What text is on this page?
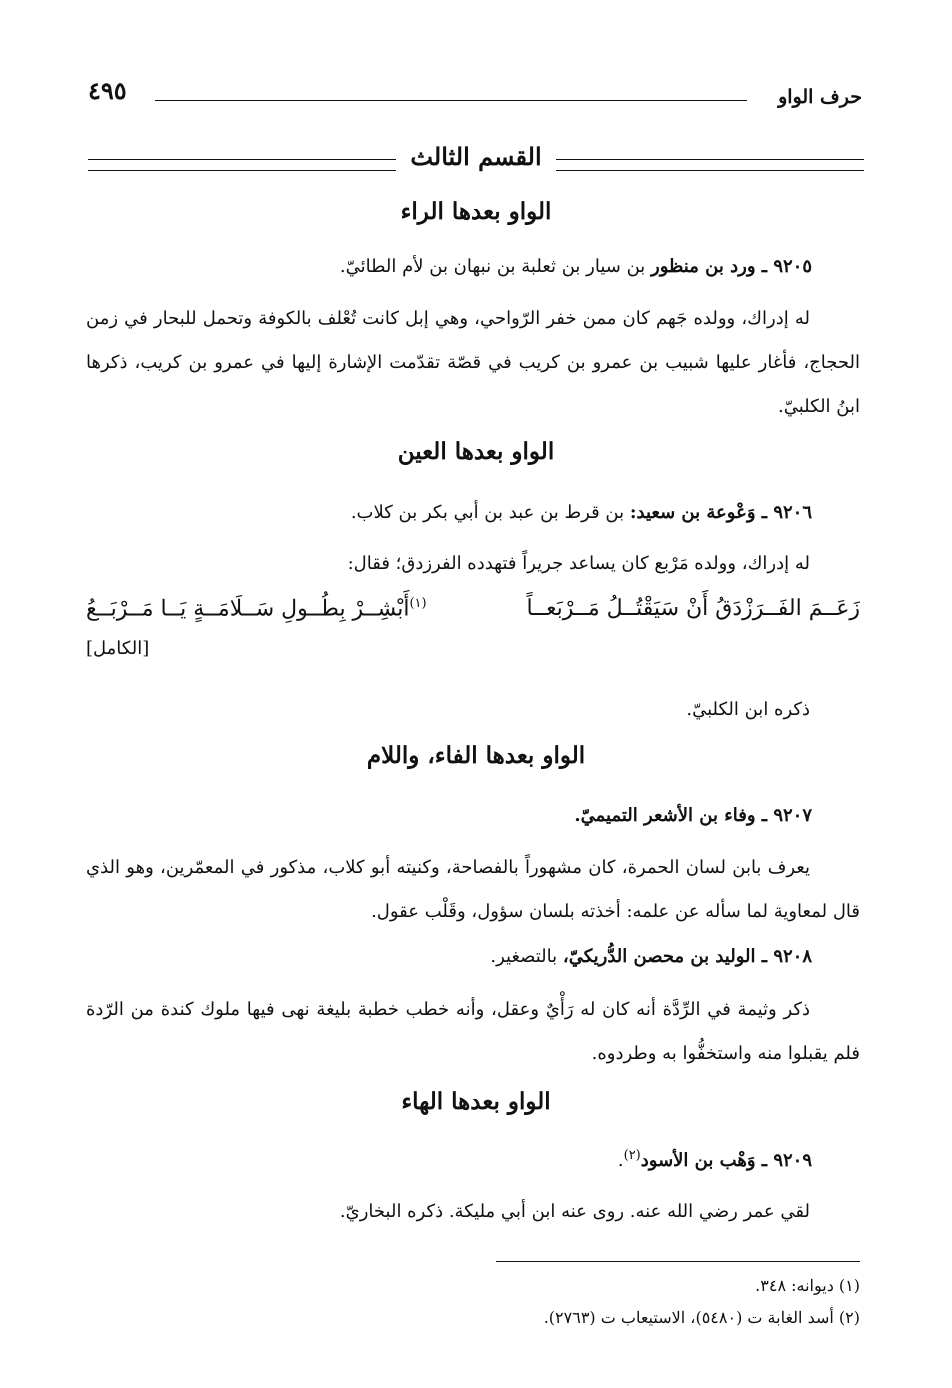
حرف الواو
٤٩٥
القسم الثالث
الواو بعدها الراء
٩٢٠٥ ـ ورد بن منظور بن سيار بن ثعلبة بن نبهان بن لأم الطائيّ.
له إدراك، وولده جَهم كان ممن خفر الرّواحي، وهي إبل كانت تُعْلف بالكوفة وتحمل للبحار في زمن الحجاج، فأغار عليها شبيب بن عمرو بن كريب في قصّة تقدّمت الإشارة إليها في عمرو بن كريب، ذكرها ابنُ الكلبيّ.
الواو بعدها العين
٩٢٠٦ ـ وَعْوعة بن سعيد: بن قرط بن عبد بن أبي بكر بن كلاب.
له إدراك، وولده مَرْبع كان يساعد جريراً فتهدده الفرزدق؛ فقال:
زَعَــمَ الفَــرَزْدَقُ أَنْ سَيَقْتُــلُ مَــرْبَعــاً
$^{(١)}$أَبْشِــرْ بِطُــولِ سَــلَامَــةٍ يَــا مَــرْبَــعُ
[الكامل]
ذكره ابن الكلبيّ.
الواو بعدها الفاء، واللام
٩٢٠٧ ـ وفاء بن الأشعر التميميّ.
يعرف بابن لسان الحمرة، كان مشهوراً بالفصاحة، وكنيته أبو كلاب، مذكور في المعمّرين، وهو الذي قال لمعاوية لما سأله عن علمه: أخذته بلسان سؤول، وقَلْب عقول.
٩٢٠٨ ـ الوليد بن محصن الدُّريكيّ، بالتصغير.
ذكر وثيمة في الرِّدَّة أنه كان له رَأْيٌ وعقل، وأنه خطب خطبة بليغة نهى فيها ملوك كندة من الرّدة فلم يقبلوا منه واستخفُّوا به وطردوه.
الواو بعدها الهاء
٩٢٠٩ ـ وَهْب بن الأسود$^{(٢)}$.
لقي عمر رضي الله عنه. روى عنه ابن أبي مليكة. ذكره البخاريّ.
(١) ديوانه: ٣٤٨.
(٢) أسد الغابة ت (٥٤٨٠)، الاستيعاب ت (٢٧٦٣).
